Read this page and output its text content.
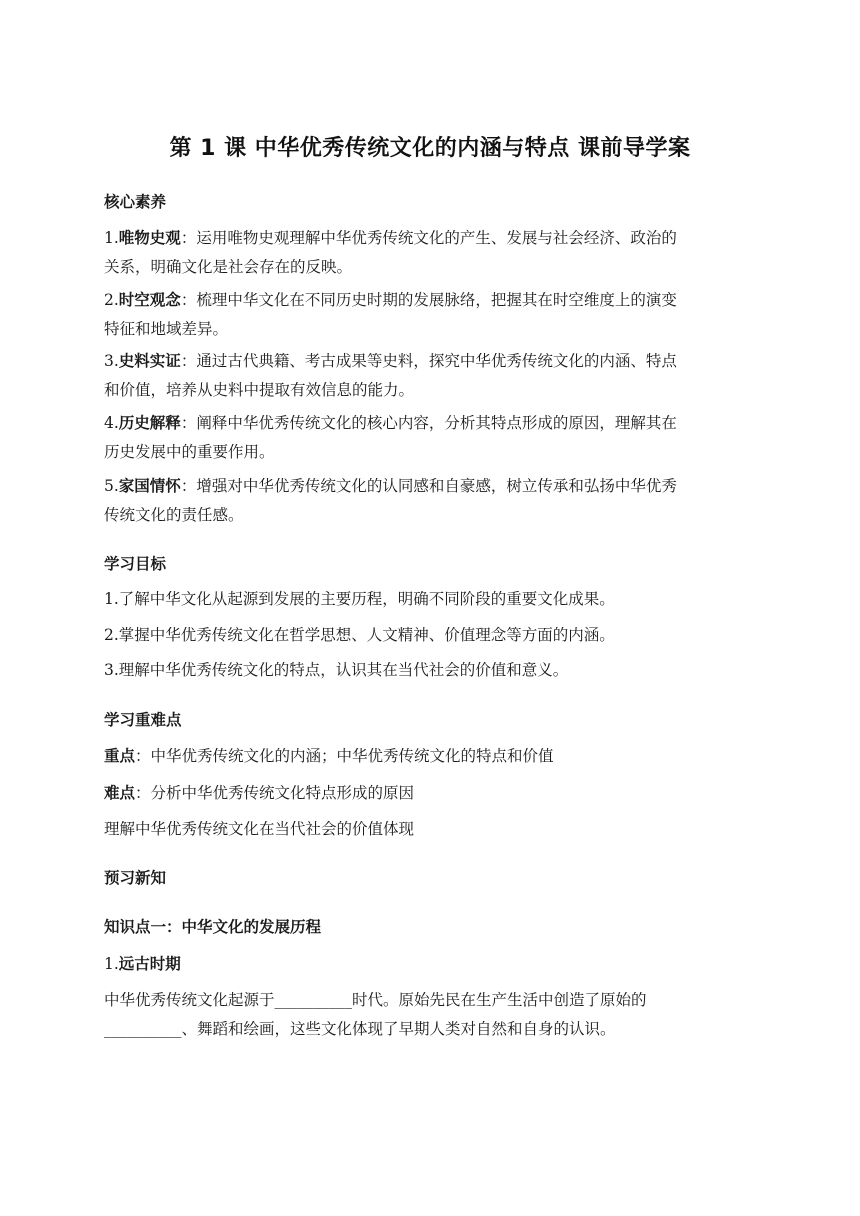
第 1 课 中华优秀传统文化的内涵与特点 课前导学案
核心素养
1.唯物史观：运用唯物史观理解中华优秀传统文化的产生、发展与社会经济、政治的
关系，明确文化是社会存在的反映。
2.时空观念：梳理中华文化在不同历史时期的发展脉络，把握其在时空维度上的演变
特征和地域差异。
3.史料实证：通过古代典籍、考古成果等史料，探究中华优秀传统文化的内涵、特点
和价值，培养从史料中提取有效信息的能力。
4.历史解释：阐释中华优秀传统文化的核心内容，分析其特点形成的原因，理解其在
历史发展中的重要作用。
5.家国情怀：增强对中华优秀传统文化的认同感和自豪感，树立传承和弘扬中华优秀
传统文化的责任感。
学习目标
1.了解中华文化从起源到发展的主要历程，明确不同阶段的重要文化成果。
2.掌握中华优秀传统文化在哲学思想、人文精神、价值理念等方面的内涵。
3.理解中华优秀传统文化的特点，认识其在当代社会的价值和意义。
学习重难点
重点：中华优秀传统文化的内涵；中华优秀传统文化的特点和价值
难点：分析中华优秀传统文化特点形成的原因
理解中华优秀传统文化在当代社会的价值体现
预习新知
知识点一：中华文化的发展历程
1.远古时期
中华优秀传统文化起源于__________时代。原始先民在生产生活中创造了原始的
__________、舞蹈和绘画，这些文化体现了早期人类对自然和自身的认识。
